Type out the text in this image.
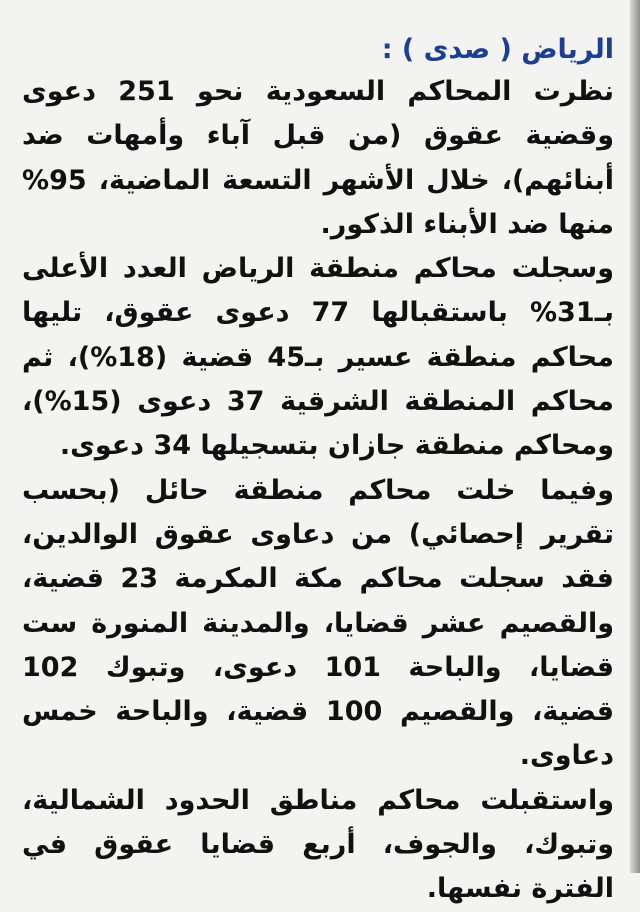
الرياض ( صدى ) :

نظرت المحاكم السعودية نحو 251 دعوى وقضية عقوق (من قبل آباء وأمهات ضد أبنائهم)، خلال الأشهر التسعة الماضية، 95% منها ضد الأبناء الذكور.

وسجلت محاكم منطقة الرياض العدد الأعلى بـ31% باستقبالها 77 دعوى عقوق، تليها محاكم منطقة عسير بـ45 قضية (18%)، ثم محاكم المنطقة الشرقية 37 دعوى (15%)، ومحاكم منطقة جازان بتسجيلها 34 دعوى.

وفيما خلت محاكم منطقة حائل (بحسب تقرير إحصائي) من دعاوى عقوق الوالدين، فقد سجلت محاكم مكة المكرمة 23 قضية، والقصيم عشر قضايا، والمدينة المنورة ست قضايا، والباحة 101 دعوى، وتبوك 102 قضية، والقصيم 100 قضية، والباحة خمس دعاوى.

واستقبلت محاكم مناطق الحدود الشمالية، وتبوك، والجوف، أربع قضايا عقوق في الفترة نفسها.
